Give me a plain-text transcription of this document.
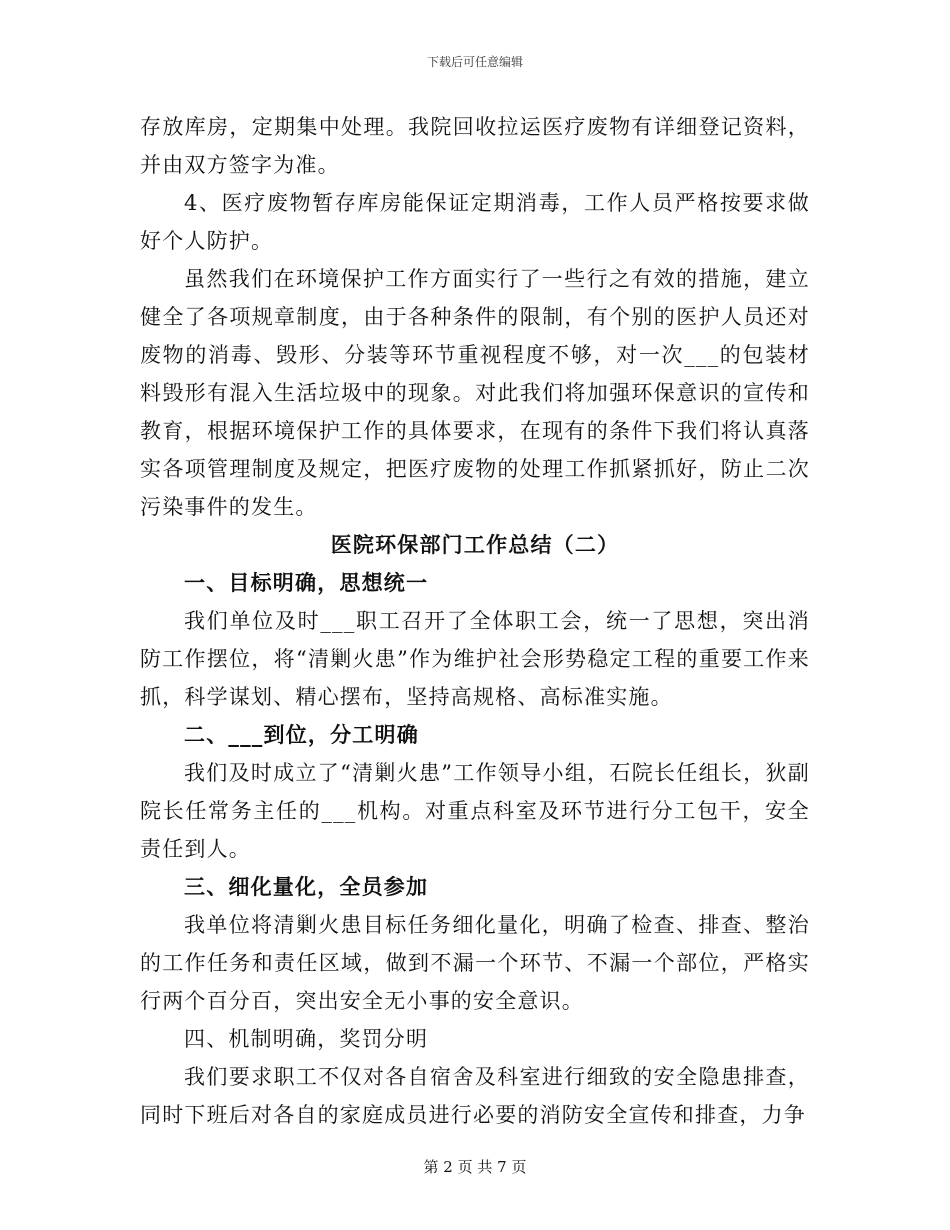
下载后可任意编辑

存放库房，定期集中处理。我院回收拉运医疗废物有详细登记资料，并由双方签字为准。

4、医疗废物暂存库房能保证定期消毒，工作人员严格按要求做好个人防护。

虽然我们在环境保护工作方面实行了一些行之有效的措施，建立健全了各项规章制度，由于各种条件的限制，有个别的医护人员还对废物的消毒、毁形、分装等环节重视程度不够，对一次___的包装材料毁形有混入生活垃圾中的现象。对此我们将加强环保意识的宣传和教育，根据环境保护工作的具体要求，在现有的条件下我们将认真落实各项管理制度及规定，把医疗废物的处理工作抓紧抓好，防止二次污染事件的发生。

医院环保部门工作总结（二）

一、目标明确，思想统一

我们单位及时___职工召开了全体职工会，统一了思想，突出消防工作摆位，将“清剿火患”作为维护社会形势稳定工程的重要工作来抓，科学谋划、精心摆布，坚持高规格、高标准实施。

二、___到位，分工明确

我们及时成立了“清剿火患”工作领导小组，石院长任组长，狄副院长任常务主任的___机构。对重点科室及环节进行分工包干，安全责任到人。

三、细化量化，全员参加

我单位将清剿火患目标任务细化量化，明确了检查、排查、整治的工作任务和责任区域，做到不漏一个环节、不漏一个部位，严格实行两个百分百，突出安全无小事的安全意识。

四、机制明确，奖罚分明

我们要求职工不仅对各自宿舍及科室进行细致的安全隐患排查，同时下班后对各自的家庭成员进行必要的消防安全宣传和排查，力争

第 2 页 共 7 页
